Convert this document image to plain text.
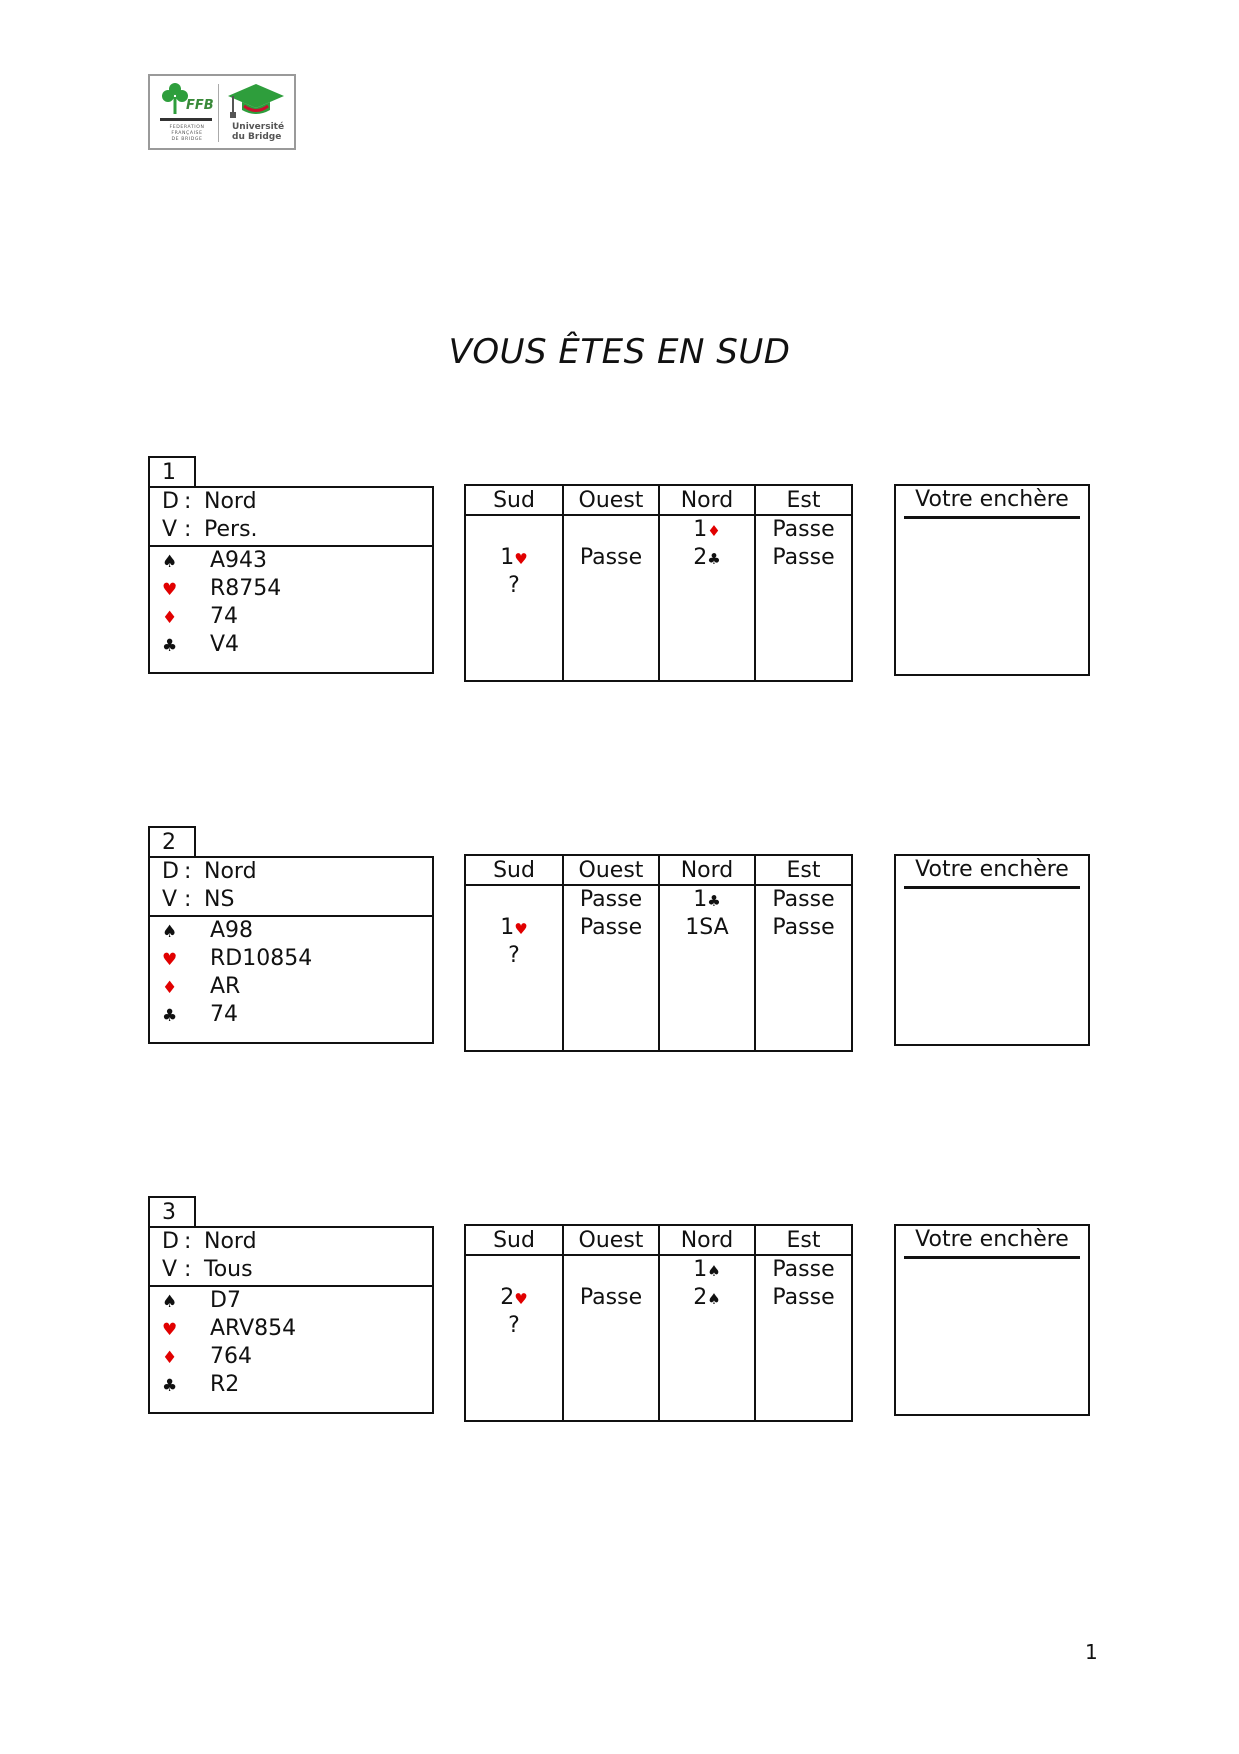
FFB
FEDERATION
FRANÇAISE
DE BRIDGE
Université
du Bridge
VOUS ÊTES EN SUD
1
D : Nord
V : Pers.
♠ A943
♥ R8754
♦ 74
♣ V4
Sud
1♥
?
Ouest
Passe
Nord
1♦
2♣
Est
Passe
Passe
Votre enchère
2
D : Nord
V : NS
♠ A98
♥ RD10854
♦ AR
♣ 74
Sud
1♥
?
Ouest
Passe
Passe
Nord
1♣
1SA
Est
Passe
Passe
Votre enchère
3
D : Nord
V : Tous
♠ D7
♥ ARV854
♦ 764
♣ R2
Sud
2♥
?
Ouest
Passe
Nord
1♠
2♠
Est
Passe
Passe
Votre enchère
1
